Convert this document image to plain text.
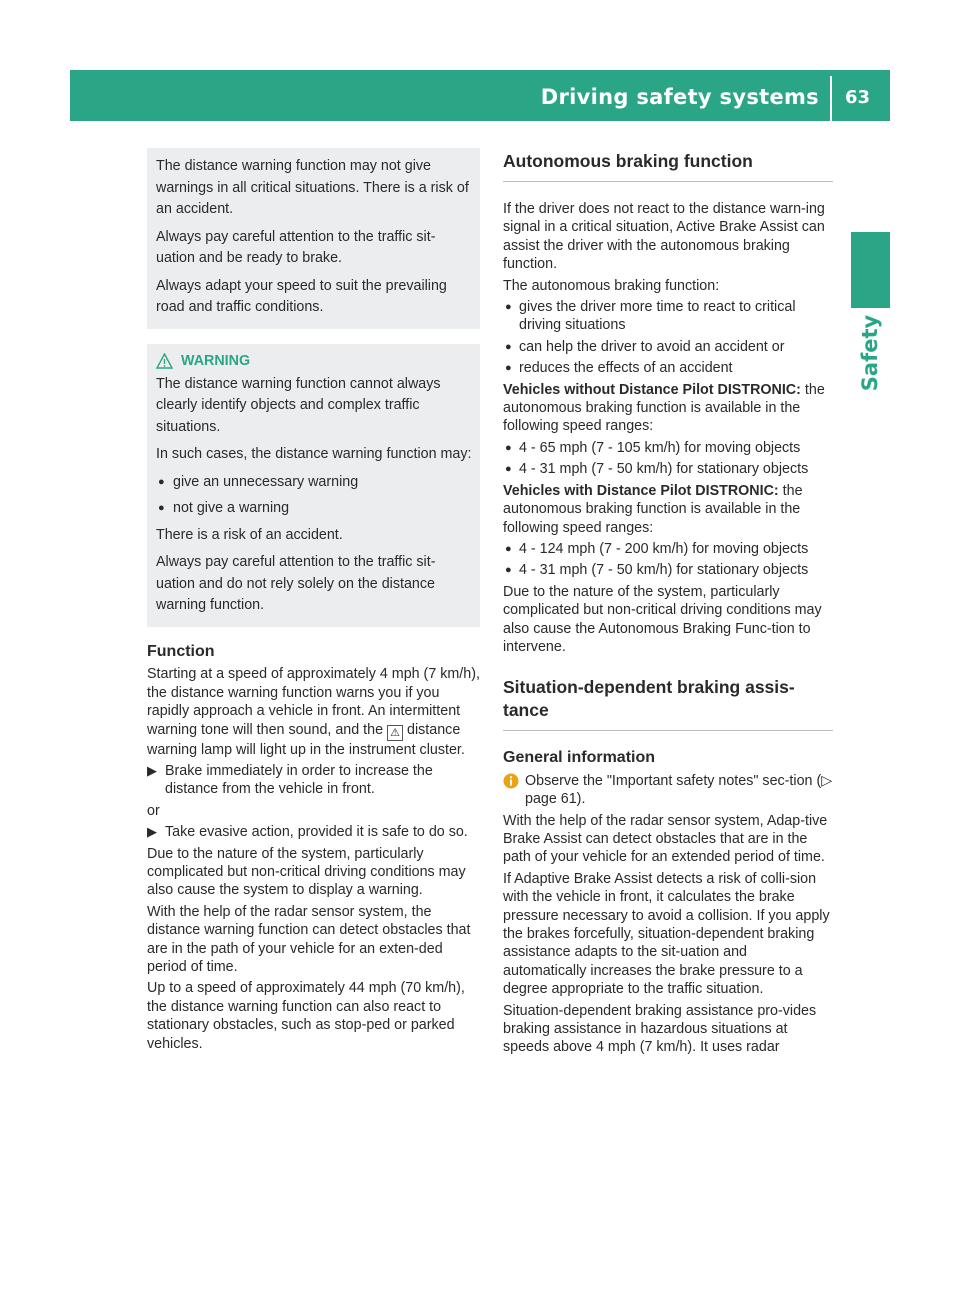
Driving safety systems 63
Safety

The distance warning function may not give warnings in all critical situations. There is a risk of an accident.

Always pay careful attention to the traffic sit-uation and be ready to brake.

Always adapt your speed to suit the prevailing road and traffic conditions.

WARNING

The distance warning function cannot always clearly identify objects and complex traffic situations.

In such cases, the distance warning function may:

● give an unnecessary warning
● not give a warning

There is a risk of an accident.

Always pay careful attention to the traffic sit-uation and do not rely solely on the distance warning function.

Function

Starting at a speed of approximately 4 mph (7 km/h), the distance warning function warns you if you rapidly approach a vehicle in front. An intermittent warning tone will then sound, and the ⚠ distance warning lamp will light up in the instrument cluster.

▶ Brake immediately in order to increase the distance from the vehicle in front.

or

▶ Take evasive action, provided it is safe to do so.

Due to the nature of the system, particularly complicated but non-critical driving conditions may also cause the system to display a warning.

With the help of the radar sensor system, the distance warning function can detect obstacles that are in the path of your vehicle for an exten-ded period of time.

Up to a speed of approximately 44 mph (70 km/h), the distance warning function can also react to stationary obstacles, such as stop-ped or parked vehicles.

Autonomous braking function

If the driver does not react to the distance warn-ing signal in a critical situation, Active Brake Assist can assist the driver with the autonomous braking function.

The autonomous braking function:

● gives the driver more time to react to critical driving situations
● can help the driver to avoid an accident or
● reduces the effects of an accident

Vehicles without Distance Pilot DISTRONIC: the autonomous braking function is available in the following speed ranges:

● 4 - 65 mph (7 - 105 km/h) for moving objects
● 4 - 31 mph (7 - 50 km/h) for stationary objects

Vehicles with Distance Pilot DISTRONIC: the autonomous braking function is available in the following speed ranges:

● 4 - 124 mph (7 - 200 km/h) for moving objects
● 4 - 31 mph (7 - 50 km/h) for stationary objects

Due to the nature of the system, particularly complicated but non-critical driving conditions may also cause the Autonomous Braking Func-tion to intervene.

Situation-dependent braking assis-tance
General information
Observe the "Important safety notes" sec-tion (▷ page 61).

With the help of the radar sensor system, Adap-tive Brake Assist can detect obstacles that are in the path of your vehicle for an extended period of time.

If Adaptive Brake Assist detects a risk of colli-sion with the vehicle in front, it calculates the brake pressure necessary to avoid a collision. If you apply the brakes forcefully, situation-dependent braking assistance adapts to the sit-uation and automatically increases the brake pressure to a degree appropriate to the traffic situation.

Situation-dependent braking assistance pro-vides braking assistance in hazardous situations at speeds above 4 mph (7 km/h). It uses radar
